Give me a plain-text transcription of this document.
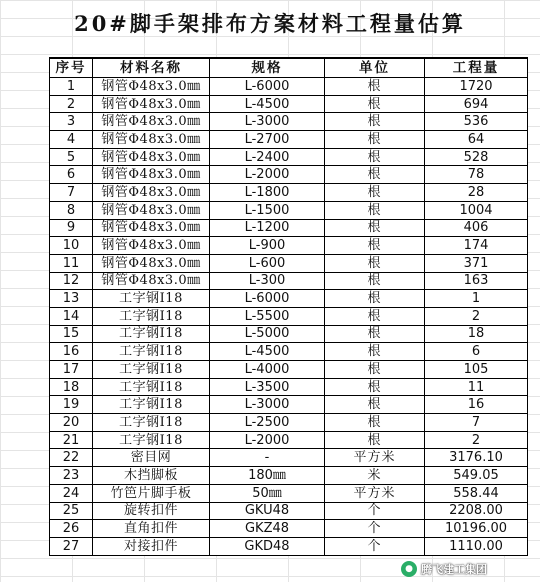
20#脚手架排布方案材料工程量估算
序号	材料名称	规格	单位	工程量
1	钢管Φ48x3.0㎜	L-6000	根	1720
2	钢管Φ48x3.0㎜	L-4500	根	694
3	钢管Φ48x3.0㎜	L-3000	根	536
4	钢管Φ48x3.0㎜	L-2700	根	64
5	钢管Φ48x3.0㎜	L-2400	根	528
6	钢管Φ48x3.0㎜	L-2000	根	78
7	钢管Φ48x3.0㎜	L-1800	根	28
8	钢管Φ48x3.0㎜	L-1500	根	1004
9	钢管Φ48x3.0㎜	L-1200	根	406
10	钢管Φ48x3.0㎜	L-900	根	174
11	钢管Φ48x3.0㎜	L-600	根	371
12	钢管Φ48x3.0㎜	L-300	根	163
13	工字钢I18	L-6000	根	1
14	工字钢I18	L-5500	根	2
15	工字钢I18	L-5000	根	18
16	工字钢I18	L-4500	根	6
17	工字钢I18	L-4000	根	105
18	工字钢I18	L-3500	根	11
19	工字钢I18	L-3000	根	16
20	工字钢I18	L-2500	根	7
21	工字钢I18	L-2000	根	2
22	密目网	-	平方米	3176.10
23	木挡脚板	180㎜	米	549.05
24	竹笆片脚手板	50㎜	平方米	558.44
25	旋转扣件	GKU48	个	2208.00
26	直角扣件	GKZ48	个	10196.00
27	对接扣件	GKD48	个	1110.00
● 腾飞建工集团
